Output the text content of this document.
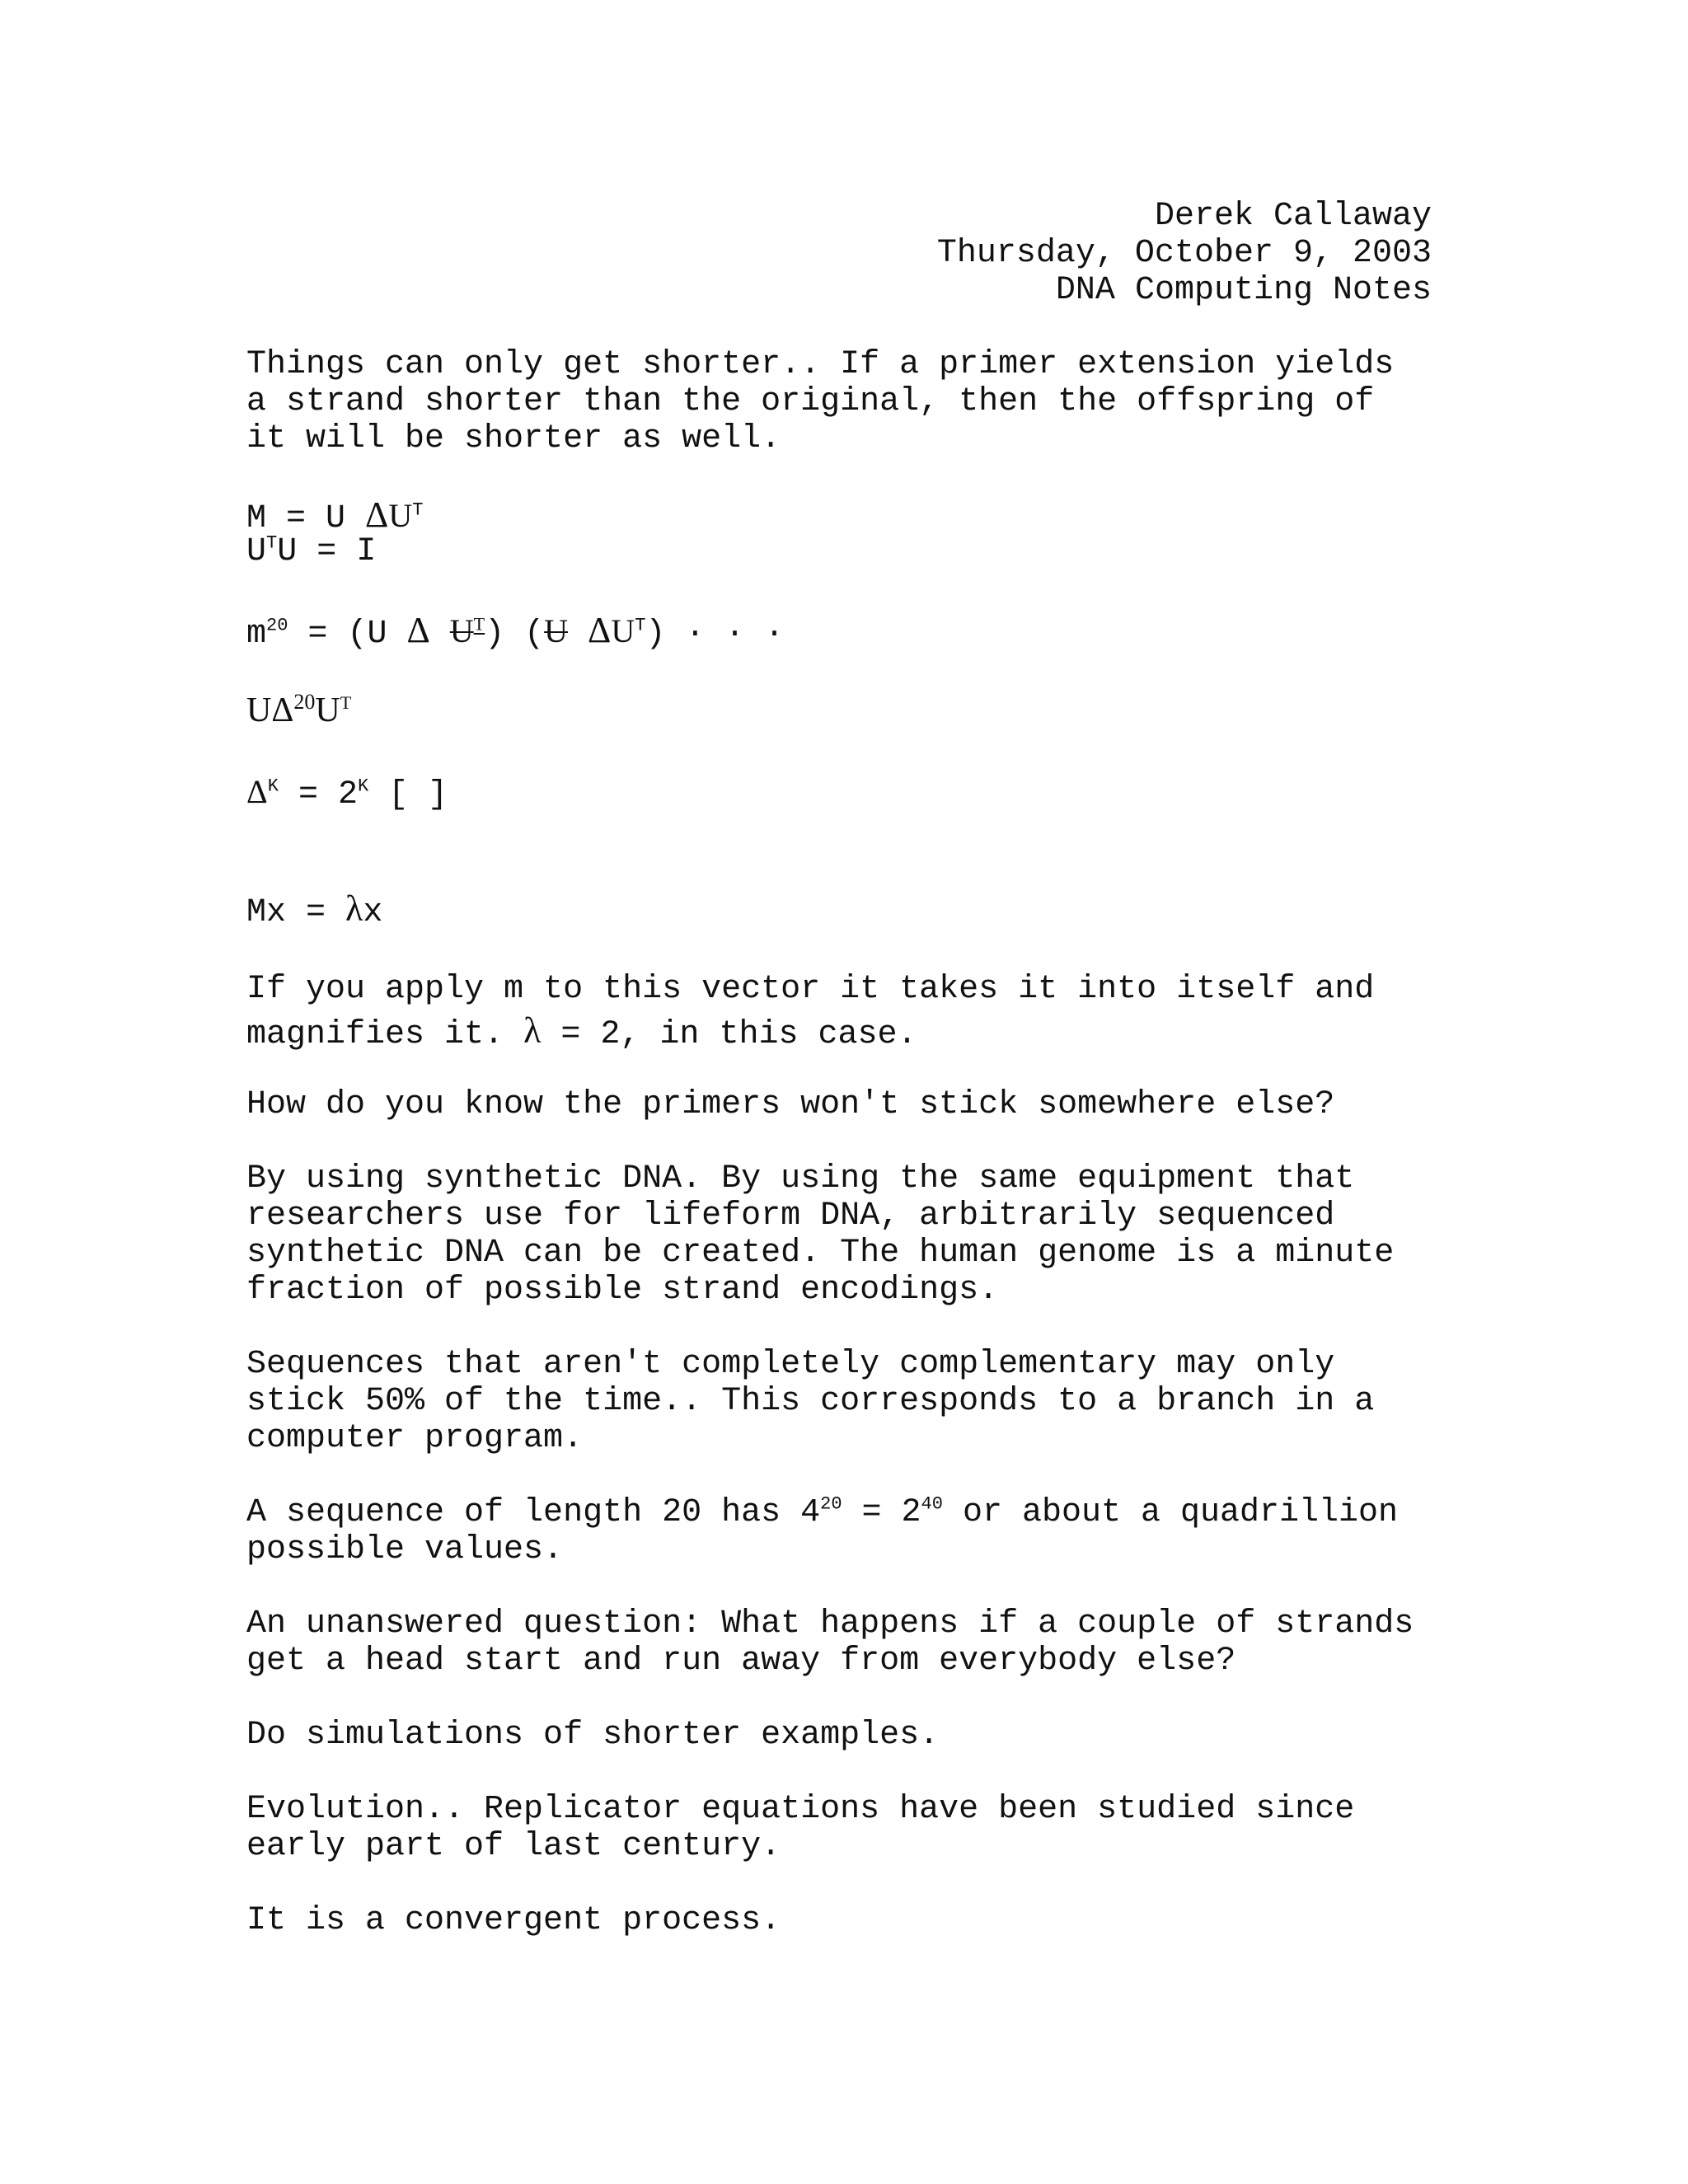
Derek Callaway
Thursday, October 9, 2003
DNA Computing Notes
Things can only get shorter.. If a primer extension yields
a strand shorter than the original, then the offspring of
it will be shorter as well.
M = U $\Delta U^T$
$U^TU = I$
$m^{20} = (U$ Δ $U^T$) (U $\Delta U^T$) · · ·
$U\Delta^{20}U^T$
$\Delta^K = 2^K$ [ ]
Mx = λx
If you apply m to this vector it takes it into itself and
magnifies it. λ = 2, in this case.
How do you know the primers won't stick somewhere else?
By using synthetic DNA. By using the same equipment that
researchers use for lifeform DNA, arbitrarily sequenced
synthetic DNA can be created. The human genome is a minute
fraction of possible strand encodings.
Sequences that aren't completely complementary may only
stick 50% of the time.. This corresponds to a branch in a
computer program.
A sequence of length 20 has $4^{20} = 2^{40}$ or about a quadrillion
possible values.
An unanswered question: What happens if a couple of strands
get a head start and run away from everybody else?
Do simulations of shorter examples.
Evolution.. Replicator equations have been studied since
early part of last century.
It is a convergent process.
